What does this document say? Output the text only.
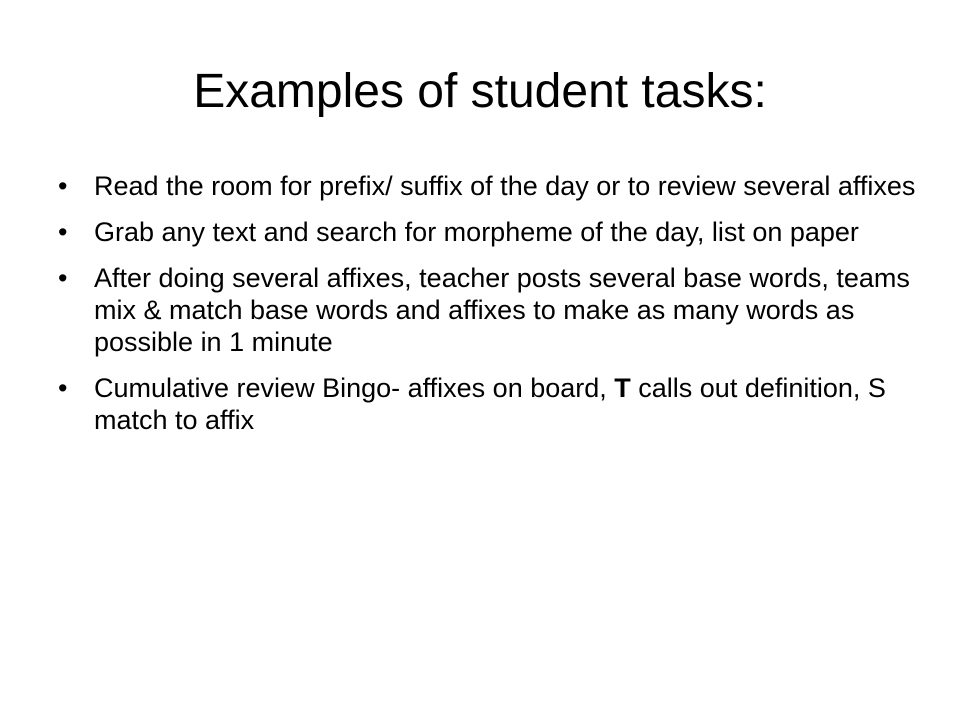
Examples of student tasks:
• Read the room for prefix/ suffix of the day or to review several affixes
• Grab any text and search for morpheme of the day, list on paper
• After doing several affixes, teacher posts several base words, teams mix & match base words and affixes to make as many words as possible in 1 minute
• Cumulative review Bingo- affixes on board, T calls out definition, S match to affix
